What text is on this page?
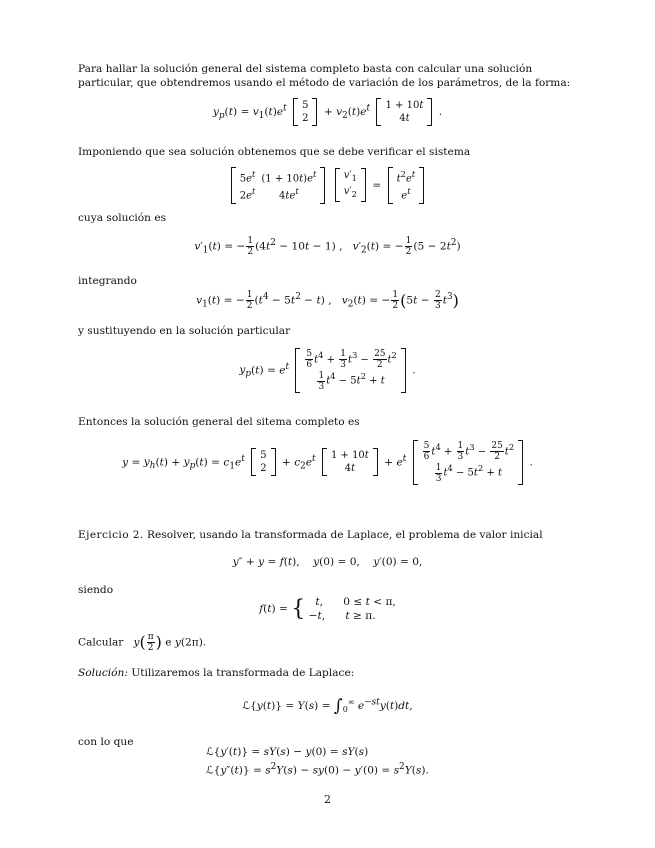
Para hallar la solución general del sistema completo basta con calcular una solución particular, que obtendremos usando el método de variación de los parámetros, de la forma:
$y_p(t) = v_1(t)e^t$ 5
2
+ $v_2(t)e^t$ 1 + 10t
4t
.
Imponiendo que sea solución obtenemos que se debe verificar el sistema
$5e^t$	$(1 + 10t)e^t$
$2e^t$	$4te^t$

$v'_1$
$v'_2$
=
$t^2e^t$
$e^t$
cuya solución es
$v'_1(t)$ = − $\frac{1}{2} (4t^2 - 10t - 1)$ ,   $v'_2(t)$ = − $\frac{1}{2} (5 - 2t^2)$
integrando
$v_1(t)$ = − $\frac{1}{2} (t^4 - 5t^2 - t)$ ,   $v_2(t)$ = − $\frac{1}{2} (5t - \frac{2}{3} t^3)$
y sustituyendo en la solución particular
$y_p(t) = e^t \frac{5}{6} t^4 + \frac{1}{3} t^3 - \frac{25}{2} t^2$

$\frac{1}{3} t^4 - 5t^2 + t$
.
Entonces la solución general del sitema completo es
$y = y_h(t) + y_p(t) = c_1e^t$ 5
2
+ $c_2e^t$ 1 + 10t
4t
+ $e^t \frac{5}{6} t^4 + \frac{1}{3} t^3 - \frac{25}{2} t^2$

$\frac{1}{3} t^4 - 5t^2 + t$
.
Ejercicio 2. Resolver, usando la transformada de Laplace, el problema de valor inicial
y″ + y = f(t),    y(0) = 0,    y′(0) = 0,
siendo
f(t) = { t,      0 ≤ t < π,
−t,      t ≥ π.
Calcular $y( \frac{\pi}{2}$ ) e y(2π).
Solución: Utilizaremos la transformada de Laplace:
ℒ{y(t)} = $Y(s) = \int_0^\infty$ $e^{-st}y(t)dt$,
con lo que
ℒ{y′(t)} = sY(s) − y(0) = sY(s)
ℒ{y″(t)} = $s^2Y(s) - sy(0) - y'(0) = s^2Y(s)$.
2
